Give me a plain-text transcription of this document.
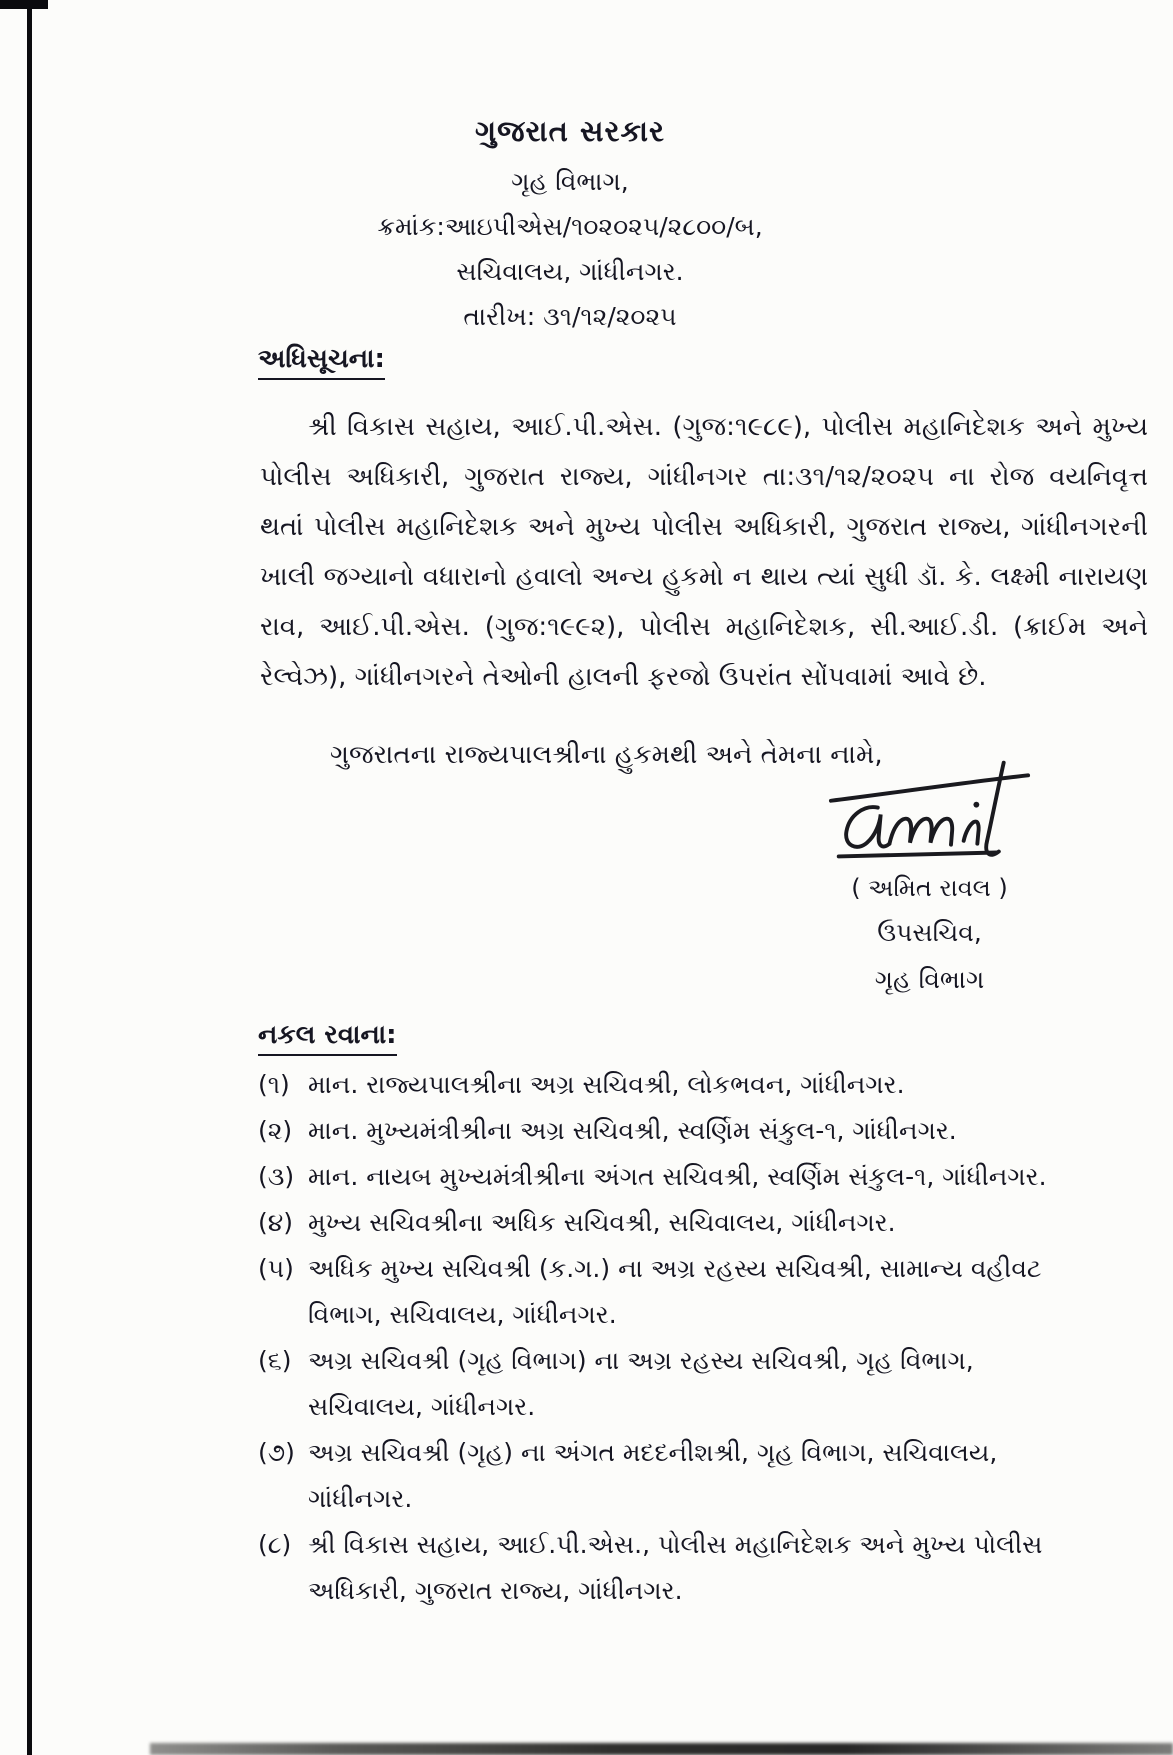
ગુજરાત સરકાર
ગૃહ વિભાગ,
ક્રમાંક:આઇપીએસ/૧૦૨૦૨૫/૨૮૦૦/બ,
સચિવાલય, ગાંધીનગર.
તારીખ: ૩૧/૧૨/૨૦૨૫
અધિસૂચના:
શ્રી વિકાસ સહાય, આઈ.પી.એસ. (ગુજ:૧૯૮૯), પોલીસ મહાનિદેશક અને મુખ્ય
પોલીસ અધિકારી, ગુજરાત રાજ્ય, ગાંધીનગર તા:૩૧/૧૨/૨૦૨૫ ના રોજ વયનિવૃત્ત
થતાં પોલીસ મહાનિદેશક અને મુખ્ય પોલીસ અધિકારી, ગુજરાત રાજ્ય, ગાંધીનગરની
ખાલી જગ્યાનો વધારાનો હવાલો અન્ય હુકમો ન થાય ત્યાં સુધી ડૉ. કે. લક્ષ્મી નારાયણ
રાવ, આઈ.પી.એસ. (ગુજ:૧૯૯૨), પોલીસ મહાનિદેશક, સી.આઈ.ડી. (ક્રાઈમ અને
રેલ્વેઝ), ગાંધીનગરને તેઓની હાલની ફરજો ઉપરાંત સોંપવામાં આવે છે.
ગુજરાતના રાજ્યપાલશ્રીના હુકમથી અને તેમના નામે,
( અમિત રાવલ )
ઉપસચિવ,
ગૃહ વિભાગ
નકલ રવાના:
(૧) માન. રાજ્યપાલશ્રીના અગ્ર સચિવશ્રી, લોકભવન, ગાંધીનગર.
(૨) માન. મુખ્યમંત્રીશ્રીના અગ્ર સચિવશ્રી, સ્વર્ણિમ સંકુલ-૧, ગાંધીનગર.
(૩) માન. નાયબ મુખ્યમંત્રીશ્રીના અંગત સચિવશ્રી, સ્વર્ણિમ સંકુલ-૧, ગાંધીનગર.
(૪) મુખ્ય સચિવશ્રીના અધિક સચિવશ્રી, સચિવાલય, ગાંધીનગર.
(૫) અધિક મુખ્ય સચિવશ્રી (ક.ગ.) ના અગ્ર રહસ્ય સચિવશ્રી, સામાન્ય વહીવટ
વિભાગ, સચિવાલય, ગાંધીનગર.
(૬) અગ્ર સચિવશ્રી (ગૃહ વિભાગ) ના અગ્ર રહસ્ય સચિવશ્રી, ગૃહ વિભાગ,
સચિવાલય, ગાંધીનગર.
(૭) અગ્ર સચિવશ્રી (ગૃહ) ના અંગત મદદનીશશ્રી, ગૃહ વિભાગ, સચિવાલય,
ગાંધીનગર.
(૮) શ્રી વિકાસ સહાય, આઈ.પી.એસ., પોલીસ મહાનિદેશક અને મુખ્ય પોલીસ
અધિકારી, ગુજરાત રાજ્ય, ગાંધીનગર.
